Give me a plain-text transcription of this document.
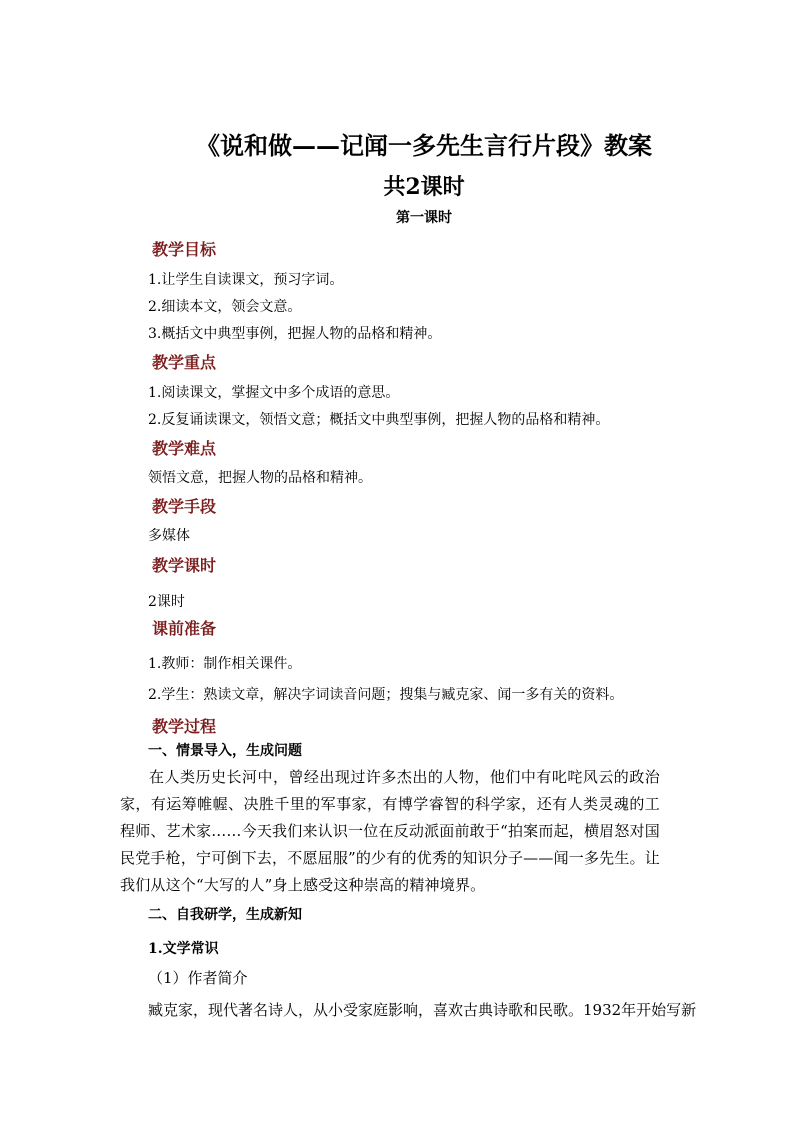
《说和做——记闻一多先生言行片段》教案
共2课时
第一课时
教学目标
1.让学生自读课文，预习字词。
2.细读本文，领会文意。
3.概括文中典型事例，把握人物的品格和精神。
教学重点
1.阅读课文，掌握文中多个成语的意思。
2.反复诵读课文，领悟文意；概括文中典型事例，把握人物的品格和精神。
教学难点
领悟文意，把握人物的品格和精神。
教学手段
多媒体
教学课时
2课时
课前准备
1.教师：制作相关课件。
2.学生：熟读文章，解决字词读音问题；搜集与臧克家、闻一多有关的资料。
教学过程
一、情景导入，生成问题
在人类历史长河中，曾经出现过许多杰出的人物，他们中有叱咤风云的政治家，有运筹帷幄、决胜千里的军事家，有博学睿智的科学家，还有人类灵魂的工程师、艺术家……今天我们来认识一位在反动派面前敢于“拍案而起，横眉怒对国民党手枪，宁可倒下去，不愿屈服”的少有的优秀的知识分子——闻一多先生。让我们从这个“大写的人”身上感受这种崇高的精神境界。
二、自我研学，生成新知
1.文学常识
（1）作者简介
臧克家，现代著名诗人，从小受家庭影响，喜欢古典诗歌和民歌。1932年开始写新
